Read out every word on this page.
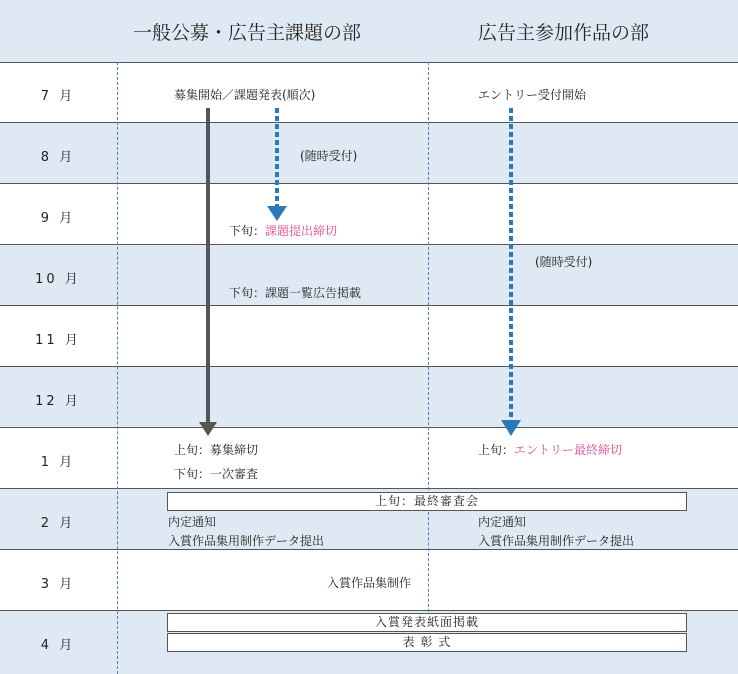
一般公募・広告主課題の部	広告主参加作品の部
7 月
8 月
9 月
10 月
11 月
12 月
1 月
2 月
3 月
4 月
募集開始／課題発表(順次)
(随時受付)
下旬：課題提出締切
下旬：課題一覧広告掲載
上旬：募集締切
下旬：一次審査
内定通知
入賞作品集用制作データ提出
エントリー受付開始
(随時受付)
上旬：エントリー最終締切
内定通知
入賞作品集用制作データ提出
上旬：最終審査会
入賞作品集制作
入賞発表紙面掲載
表 彰 式
